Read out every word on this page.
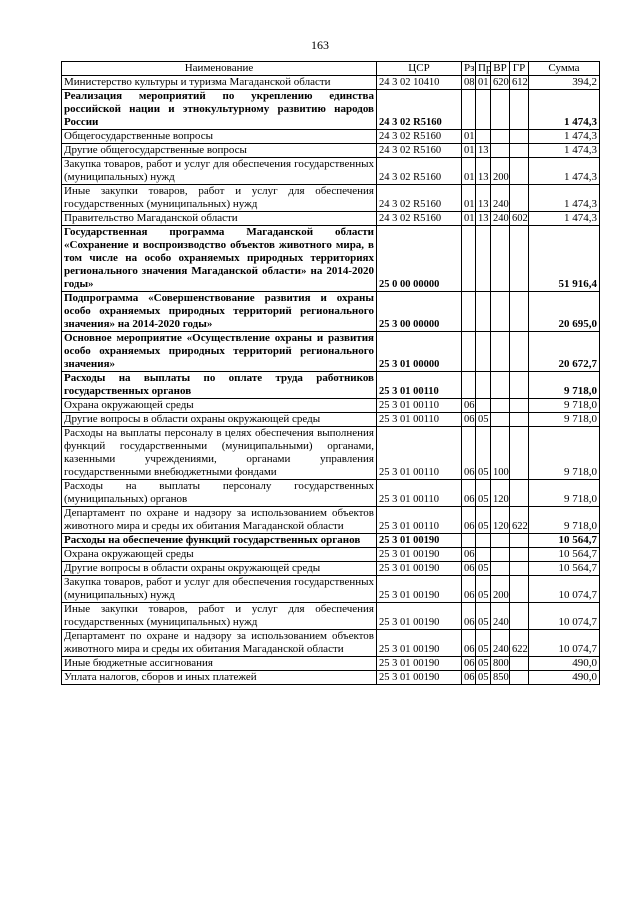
163
Наименование	ЦСР	Рз	Пр	ВР	ГР	Сумма
Министерство культуры и туризма Магаданской области	24 3 02 10410	08	01	620	612	394,2
Реализация мероприятий по укреплению единства российской нации и этнокультурному развитию народов России	24 3 02 R5160					1 474,3
Общегосударственные вопросы	24 3 02 R5160	01				1 474,3
Другие общегосударственные вопросы	24 3 02 R5160	01	13			1 474,3
Закупка товаров, работ и услуг для обеспечения государственных (муниципальных) нужд	24 3 02 R5160	01	13	200		1 474,3
Иные закупки товаров, работ и услуг для обеспечения государственных (муниципальных) нужд	24 3 02 R5160	01	13	240		1 474,3
Правительство Магаданской области	24 3 02 R5160	01	13	240	602	1 474,3
Государственная программа Магаданской области «Сохранение и воспроизводство объектов животного мира, в том числе на особо охраняемых природных территориях регионального значения Магаданской области» на 2014-2020 годы»	25 0 00 00000					51 916,4
Подпрограмма «Совершенствование развития и охраны особо охраняемых природных территорий регионального значения» на 2014-2020 годы»	25 3 00 00000					20 695,0
Основное мероприятие «Осуществление охраны и развития особо охраняемых природных территорий регионального значения»	25 3 01 00000					20 672,7
Расходы на выплаты по оплате труда работников государственных органов	25 3 01 00110					9 718,0
Охрана окружающей среды	25 3 01 00110	06				9 718,0
Другие вопросы в области охраны окружающей среды	25 3 01 00110	06	05			9 718,0
Расходы на выплаты персоналу в целях обеспечения выполнения функций государственными (муниципальными) органами, казенными учреждениями, органами управления государственными внебюджетными фондами	25 3 01 00110	06	05	100		9 718,0
Расходы на выплаты персоналу государственных (муниципальных) органов	25 3 01 00110	06	05	120		9 718,0
Департамент по охране и надзору за использованием объектов животного мира и среды их обитания Магаданской области	25 3 01 00110	06	05	120	622	9 718,0
Расходы на обеспечение функций государственных органов	25 3 01 00190					10 564,7
Охрана окружающей среды	25 3 01 00190	06				10 564,7
Другие вопросы в области охраны окружающей среды	25 3 01 00190	06	05			10 564,7
Закупка товаров, работ и услуг для обеспечения государственных (муниципальных) нужд	25 3 01 00190	06	05	200		10 074,7
Иные закупки товаров, работ и услуг для обеспечения государственных (муниципальных) нужд	25 3 01 00190	06	05	240		10 074,7
Департамент по охране и надзору за использованием объектов животного мира и среды их обитания Магаданской области	25 3 01 00190	06	05	240	622	10 074,7
Иные бюджетные ассигнования	25 3 01 00190	06	05	800		490,0
Уплата налогов, сборов и иных платежей	25 3 01 00190	06	05	850		490,0
